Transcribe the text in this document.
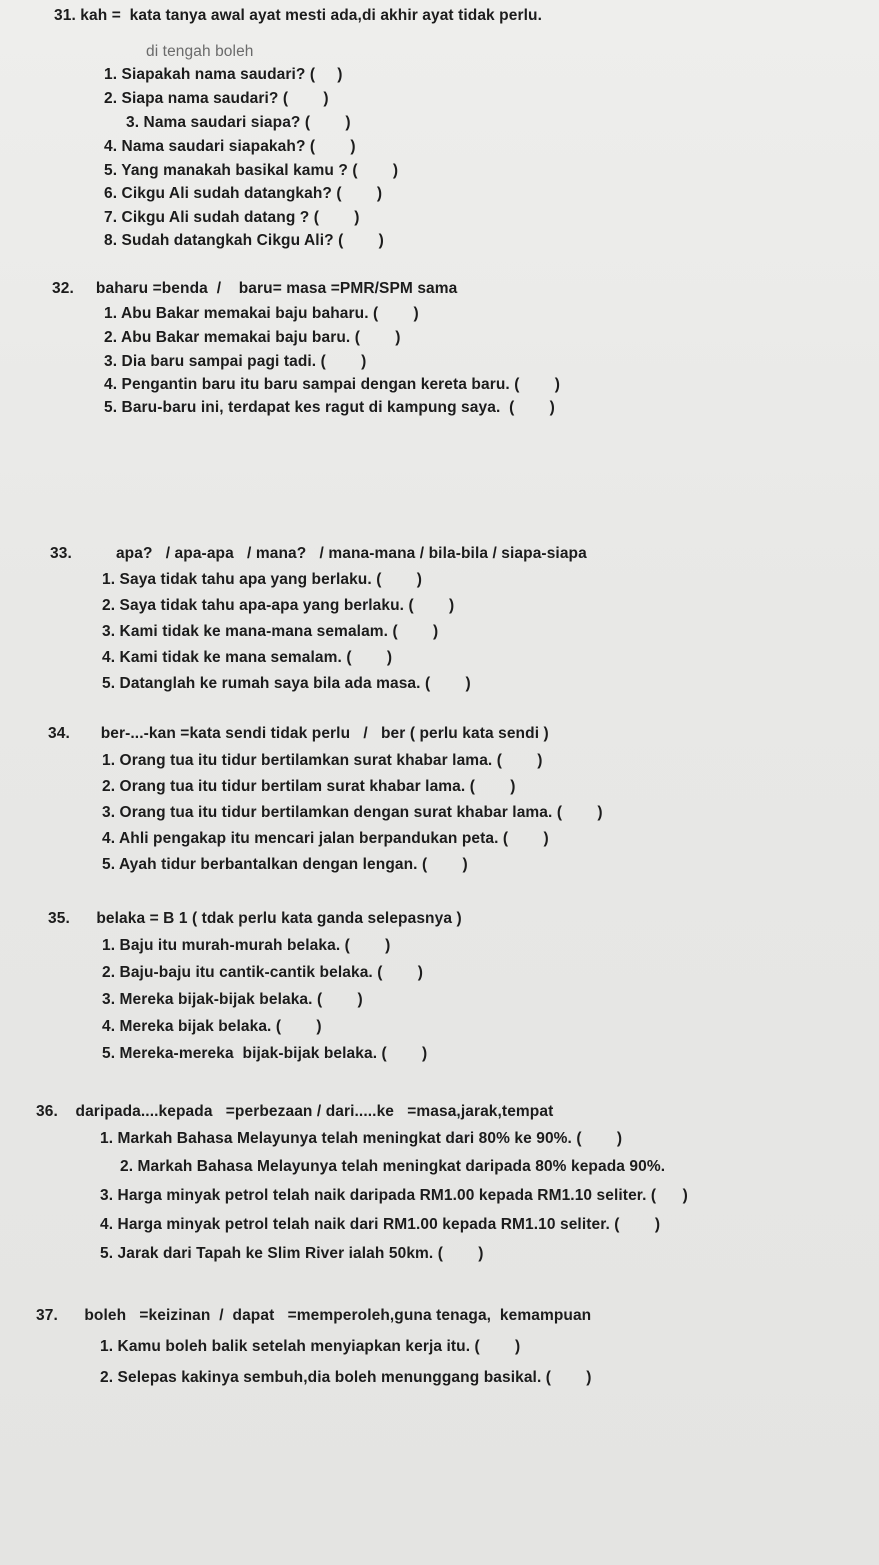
31. kah =  kata tanya awal ayat mesti ada,di akhir ayat tidak perlu.
di tengah boleh
1. Siapakah nama saudari? (     )
2. Siapa nama saudari? (        )
3. Nama saudari siapa? (        )
4. Nama saudari siapakah? (        )
5. Yang manakah basikal kamu ? (        )
6. Cikgu Ali sudah datangkah? (        )
7. Cikgu Ali sudah datang ? (        )
8. Sudah datangkah Cikgu Ali? (        )
32. baharu =benda  /    baru= masa =PMR/SPM sama
1. Abu Bakar memakai baju baharu. (        )
2. Abu Bakar memakai baju baru. (        )
3. Dia baru sampai pagi tadi. (        )
4. Pengantin baru itu baru sampai dengan kereta baru. (        )
5. Baru-baru ini, terdapat kes ragut di kampung saya.  (        )
33.	apa?   / apa-apa   / mana?   / mana-mana / bila-bila / siapa-siapa
1. Saya tidak tahu apa yang berlaku. (        )
2. Saya tidak tahu apa-apa yang berlaku. (        )
3. Kami tidak ke mana-mana semalam. (        )
4. Kami tidak ke mana semalam. (        )
5. Datanglah ke rumah saya bila ada masa. (        )
34. ber-...-kan =kata sendi tidak perlu   /   ber ( perlu kata sendi )
1. Orang tua itu tidur bertilamkan surat khabar lama. (        )
2. Orang tua itu tidur bertilam surat khabar lama. (        )
3. Orang tua itu tidur bertilamkan dengan surat khabar lama. (        )
4. Ahli pengakap itu mencari jalan berpandukan peta. (        )
5. Ayah tidur berbantalkan dengan lengan. (        )
35. belaka = B 1 ( tdak perlu kata ganda selepasnya )
1. Baju itu murah-murah belaka. (        )
2. Baju-baju itu cantik-cantik belaka. (        )
3. Mereka bijak-bijak belaka. (        )
4. Mereka bijak belaka. (        )
5. Mereka-mereka  bijak-bijak belaka. (        )
36. daripada....kepada   =perbezaan / dari.....ke   =masa,jarak,tempat
1. Markah Bahasa Melayunya telah meningkat dari 80% ke 90%. (        )
2. Markah Bahasa Melayunya telah meningkat daripada 80% kepada 90%.
3. Harga minyak petrol telah naik daripada RM1.00 kepada RM1.10 seliter. (      )
4. Harga minyak petrol telah naik dari RM1.00 kepada RM1.10 seliter. (        )
5. Jarak dari Tapah ke Slim River ialah 50km. (        )
37. boleh   =keizinan  /  dapat   =memperoleh,guna tenaga,  kemampuan
1. Kamu boleh balik setelah menyiapkan kerja itu. (        )
2. Selepas kakinya sembuh,dia boleh menunggang basikal. (        )
